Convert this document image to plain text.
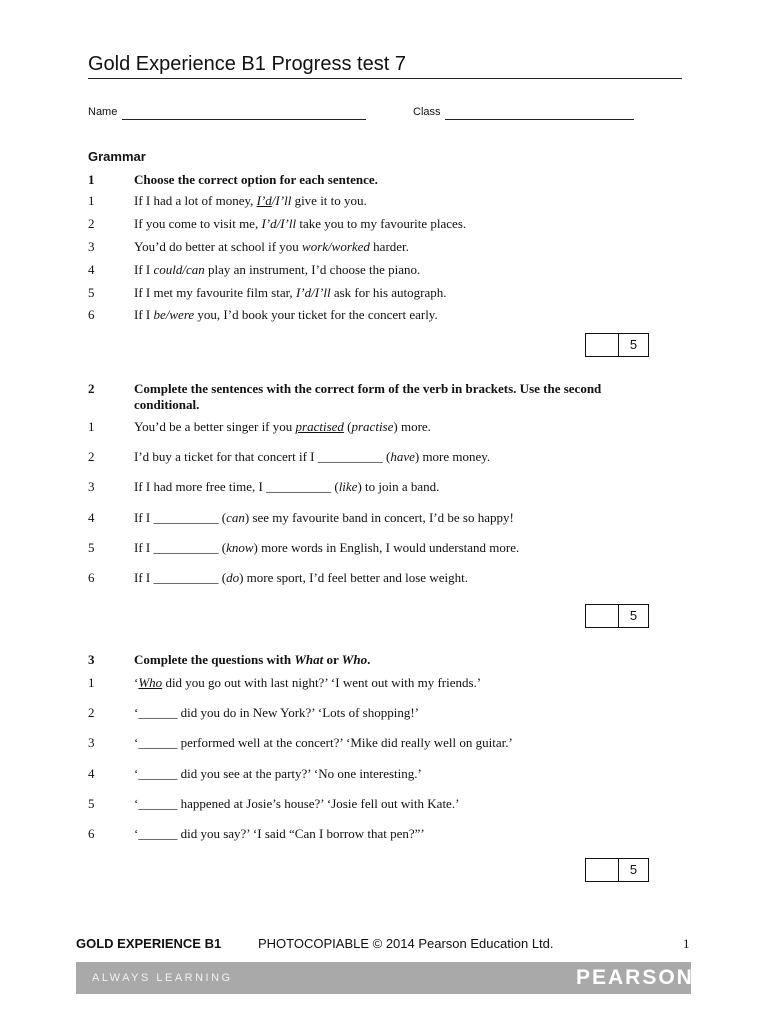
Gold Experience B1 Progress test 7
Name	Class
Grammar
1	Choose the correct option for each sentence.
1	If I had a lot of money, I’d/I’ll give it to you.
2	If you come to visit me, I’d/I’ll take you to my favourite places.
3	You’d do better at school if you work/worked harder.
4	If I could/can play an instrument, I’d choose the piano.
5	If I met my favourite film star, I’d/I’ll ask for his autograph.
6	If I be/were you, I’d book your ticket for the concert early.
5
2	Complete the sentences with the correct form of the verb in brackets. Use the second conditional.
1	You’d be a better singer if you practised (practise) more.
2	I’d buy a ticket for that concert if I __________ (have) more money.
3	If I had more free time, I __________ (like) to join a band.
4	If I __________ (can) see my favourite band in concert, I’d be so happy!
5	If I __________ (know) more words in English, I would understand more.
6	If I __________ (do) more sport, I’d feel better and lose weight.
5
3	Complete the questions with What or Who.
1	‘Who did you go out with last night?’ ‘I went out with my friends.’
2	‘______ did you do in New York?’ ‘Lots of shopping!’
3	‘______ performed well at the concert?’ ‘Mike did really well on guitar.’
4	‘______ did you see at the party?’ ‘No one interesting.’
5	‘______ happened at Josie’s house?’ ‘Josie fell out with Kate.’
6	‘______ did you say?’ ‘I said “Can I borrow that pen?”’
5
GOLD EXPERIENCE B1	PHOTOCOPIABLE © 2014 Pearson Education Ltd.	1
ALWAYS LEARNING	PEARSON
